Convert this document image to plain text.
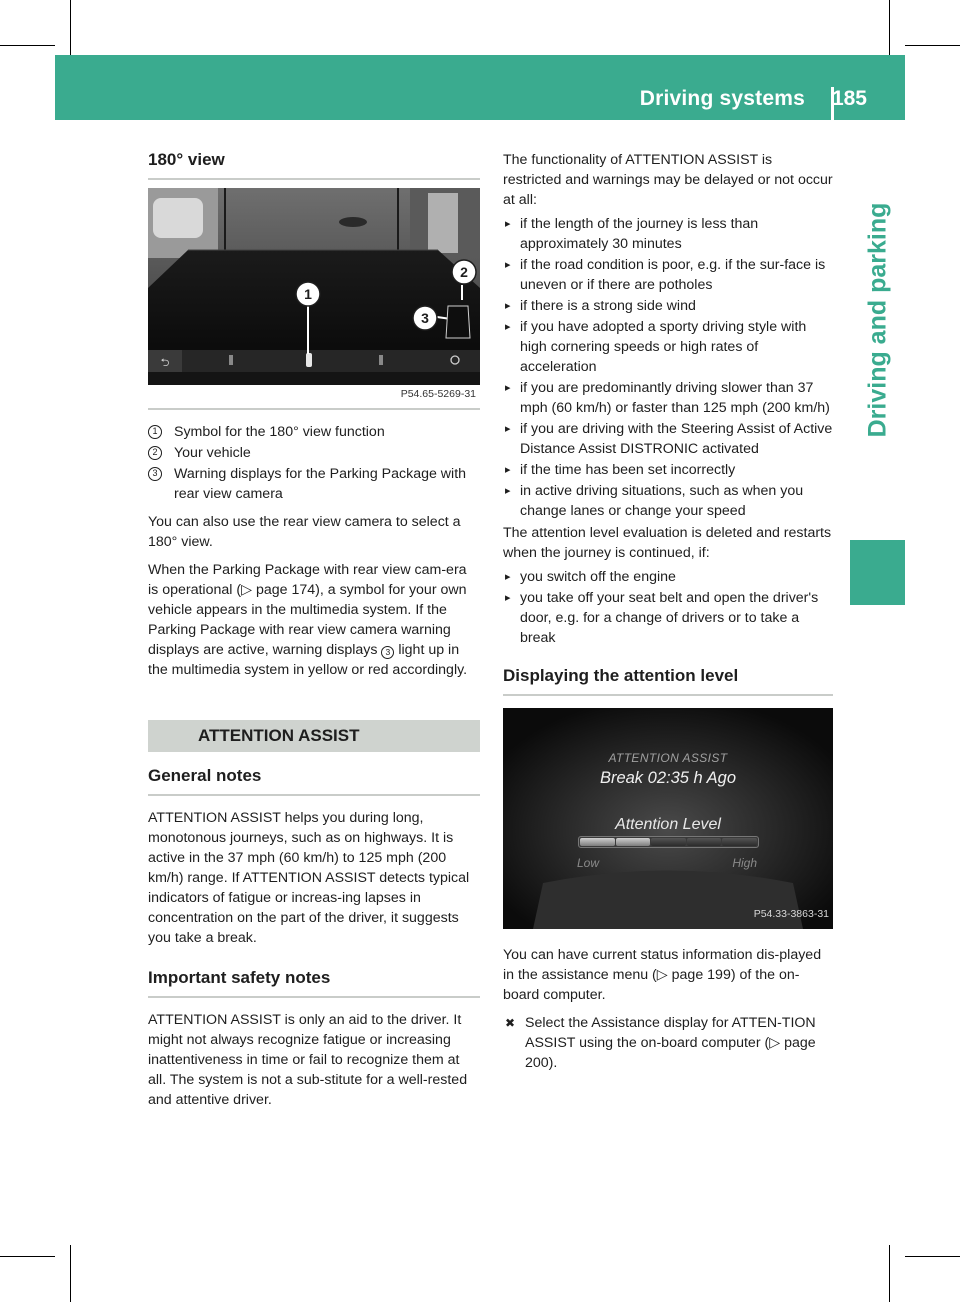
Driving systems 185
Driving and parking
180° view
⮌
1
2
3
P54.65-5269-31
1	Symbol for the 180° view function
2	Your vehicle
3	Warning displays for the Parking Package with rear view camera

You can also use the rear view camera to select a 180° view.

When the Parking Package with rear view cam-era is operational (▷ page 174), a symbol for your own vehicle appears in the multimedia system. If the Parking Package with rear view camera warning displays are active, warning displays 3 light up in the multimedia system in yellow or red accordingly.

ATTENTION ASSIST
General notes

ATTENTION ASSIST helps you during long, monotonous journeys, such as on highways. It is active in the 37 mph (60 km/h) to 125 mph (200 km/h) range. If ATTENTION ASSIST detects typical indicators of fatigue or increas-ing lapses in concentration on the part of the driver, it suggests you take a break.

Important safety notes

ATTENTION ASSIST is only an aid to the driver. It might not always recognize fatigue or increasing inattentiveness in time or fail to recognize them at all. The system is not a sub-stitute for a well-rested and attentive driver.

The functionality of ATTENTION ASSIST is restricted and warnings may be delayed or not occur at all:

▸ if the length of the journey is less than approximately 30 minutes
▸ if the road condition is poor, e.g. if the sur-face is uneven or if there are potholes
▸ if there is a strong side wind
▸ if you have adopted a sporty driving style with high cornering speeds or high rates of acceleration
▸ if you are predominantly driving slower than 37 mph (60 km/h) or faster than 125 mph (200 km/h)
▸ if you are driving with the Steering Assist of Active Distance Assist DISTRONIC activated
▸ if the time has been set incorrectly
▸ in active driving situations, such as when you change lanes or change your speed

The attention level evaluation is deleted and restarts when the journey is continued, if:

▸ you switch off the engine
▸ you take off your seat belt and open the driver's door, e.g. for a change of drivers or to take a break
Displaying the attention level
ATTENTION ASSIST
Break 02:35 h Ago
Attention Level
Low	High
P54.33-3863-31

You can have current status information dis-played in the assistance menu (▷ page 199) of the on-board computer.

✖ Select the Assistance display for ATTEN-TION ASSIST using the on-board computer (▷ page 200).
